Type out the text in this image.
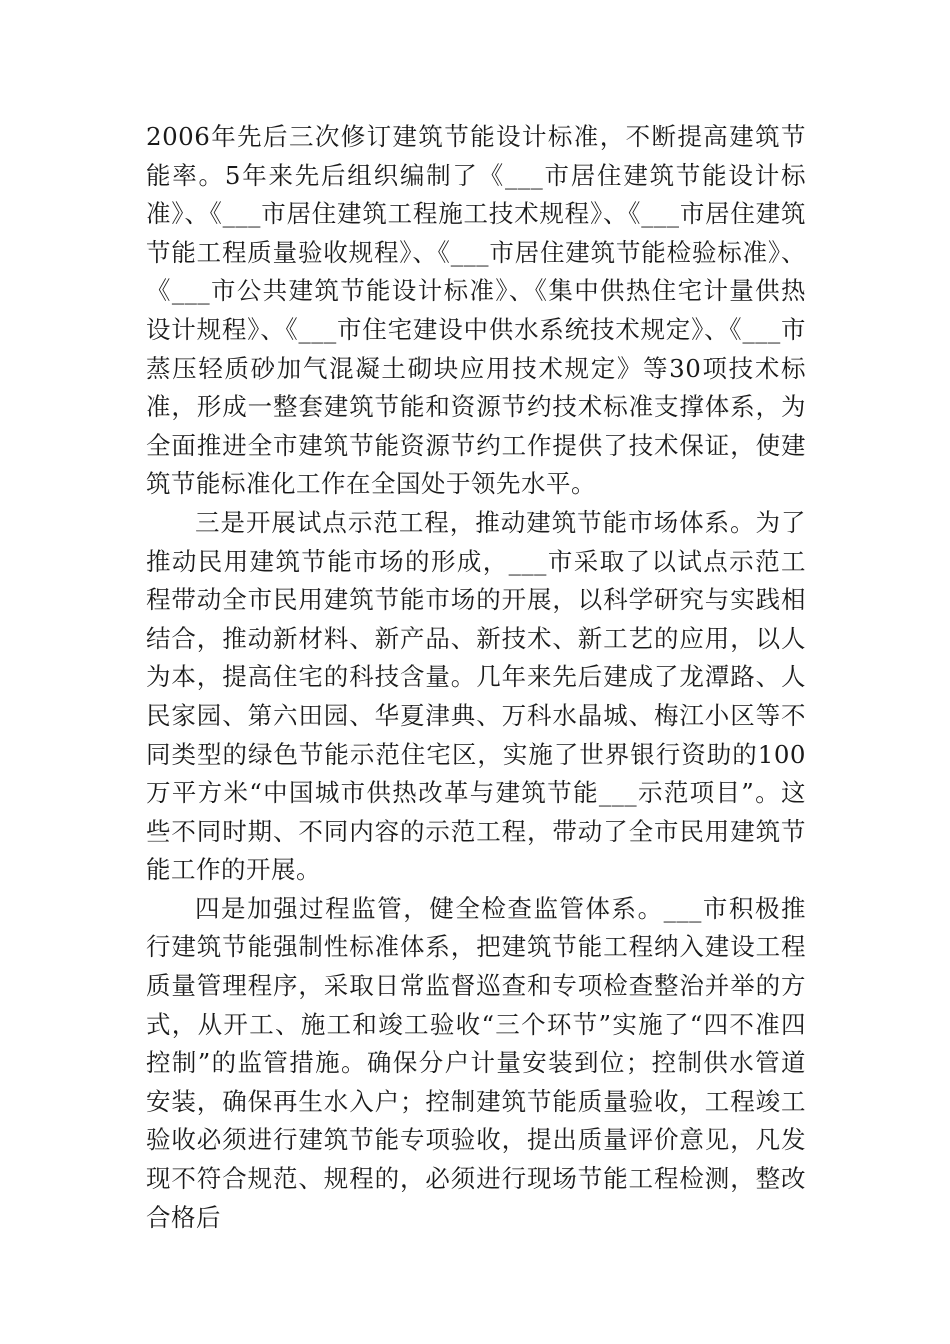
2006年先后三次修订建筑节能设计标准，不断提高建筑节能率。5年来先后组织编制了《___市居住建筑节能设计标准》、《___市居住建筑工程施工技术规程》、《___市居住建筑节能工程质量验收规程》、《___市居住建筑节能检验标准》、《___市公共建筑节能设计标准》、《集中供热住宅计量供热设计规程》、《___市住宅建设中供水系统技术规定》、《___市蒸压轻质砂加气混凝土砌块应用技术规定》等30项技术标准，形成一整套建筑节能和资源节约技术标准支撑体系，为全面推进全市建筑节能资源节约工作提供了技术保证，使建筑节能标准化工作在全国处于领先水平。

三是开展试点示范工程，推动建筑节能市场体系。为了推动民用建筑节能市场的形成，___市采取了以试点示范工程带动全市民用建筑节能市场的开展，以科学研究与实践相结合，推动新材料、新产品、新技术、新工艺的应用，以人为本，提高住宅的科技含量。几年来先后建成了龙潭路、人民家园、第六田园、华夏津典、万科水晶城、梅江小区等不同类型的绿色节能示范住宅区，实施了世界银行资助的100万平方米“中国城市供热改革与建筑节能___示范项目”。这些不同时期、不同内容的示范工程，带动了全市民用建筑节能工作的开展。

四是加强过程监管，健全检查监管体系。___市积极推行建筑节能强制性标准体系，把建筑节能工程纳入建设工程质量管理程序，采取日常监督巡查和专项检查整治并举的方式，从开工、施工和竣工验收“三个环节”实施了“四不准四控制”的监管措施。确保分户计量安装到位；控制供水管道安装，确保再生水入户；控制建筑节能质量验收，工程竣工验收必须进行建筑节能专项验收，提出质量评价意见，凡发现不符合规范、规程的，必须进行现场节能工程检测，整改合格后
